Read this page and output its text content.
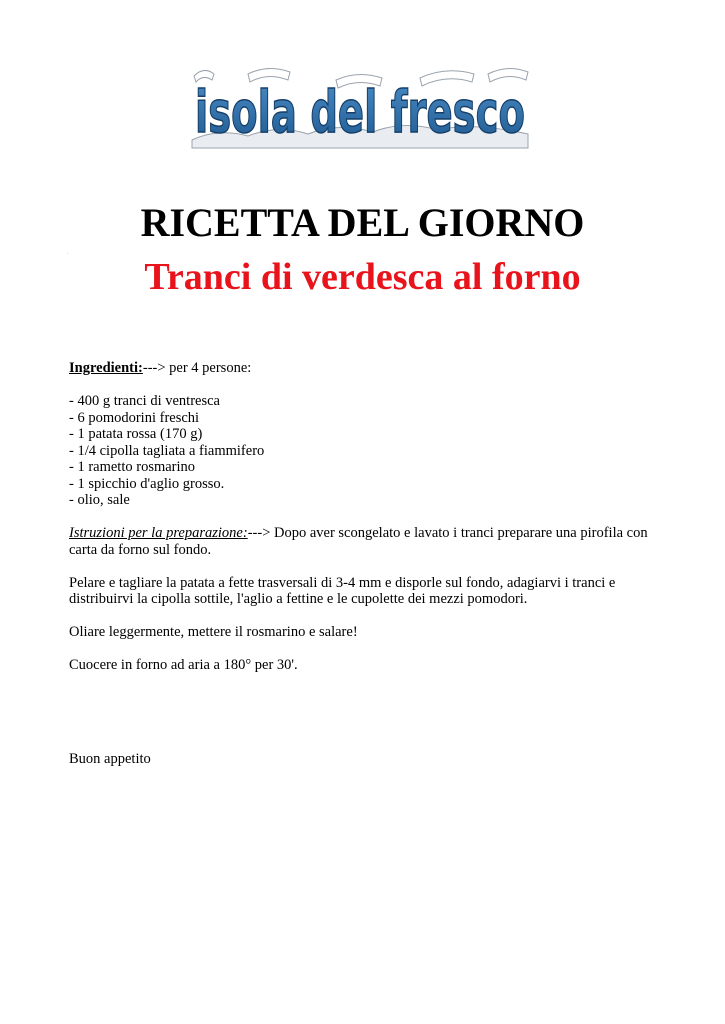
isola del fresco
RICETTA DEL GIORNO
.
Tranci di verdesca al forno

Ingredienti:---> per 4 persone:

- 400 g tranci di ventresca
- 6 pomodorini freschi
- 1 patata rossa (170 g)
- 1/4 cipolla tagliata a fiammifero
- 1 rametto rosmarino
- 1 spicchio d'aglio grosso.
- olio, sale

Istruzioni per la preparazione:---> Dopo aver scongelato e lavato i tranci preparare una pirofila con carta da forno sul fondo.

Pelare e tagliare la patata a fette trasversali di 3-4 mm e disporle sul fondo, adagiarvi i tranci e distribuirvi la cipolla sottile, l'aglio a fettine e le cupolette dei mezzi pomodori.

Oliare leggermente, mettere il rosmarino e salare!

Cuocere in forno ad aria a 180° per 30'.

Buon appetito
